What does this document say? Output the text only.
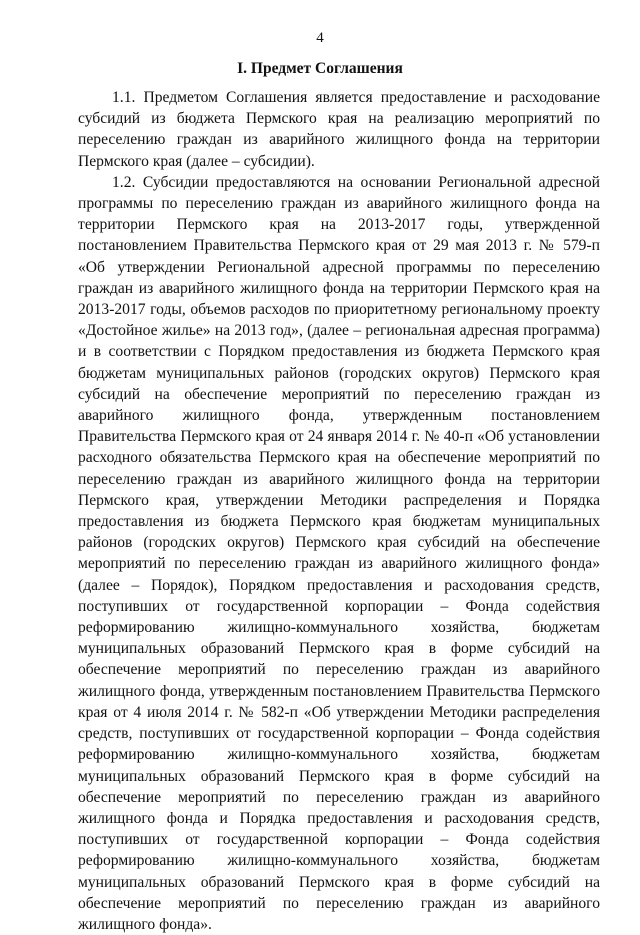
4
I. Предмет Соглашения

1.1. Предметом Соглашения является предоставление и расходование субсидий из бюджета Пермского края на реализацию мероприятий по переселению граждан из аварийного жилищного фонда на территории Пермского края (далее – субсидии).

1.2. Субсидии предоставляются на основании Региональной адресной программы по переселению граждан из аварийного жилищного фонда на территории Пермского края на 2013-2017 годы, утвержденной постановлением Правительства Пермского края от 29 мая 2013 г. № 579-п «Об утверждении Региональной адресной программы по переселению граждан из аварийного жилищного фонда на территории Пермского края на 2013-2017 годы, объемов расходов по приоритетному региональному проекту «Достойное жилье» на 2013 год», (далее – региональная адресная программа) и в соответствии с Порядком предоставления из бюджета Пермского края бюджетам муниципальных районов (городских округов) Пермского края субсидий на обеспечение мероприятий по переселению граждан из аварийного жилищного фонда, утвержденным постановлением Правительства Пермского края от 24 января 2014 г. № 40-п «Об установлении расходного обязательства Пермского края на обеспечение мероприятий по переселению граждан из аварийного жилищного фонда на территории Пермского края, утверждении Методики распределения и Порядка предоставления из бюджета Пермского края бюджетам муниципальных районов (городских округов) Пермского края субсидий на обеспечение мероприятий по переселению граждан из аварийного жилищного фонда» (далее – Порядок), Порядком предоставления и расходования средств, поступивших от государственной корпорации – Фонда содействия реформированию жилищно-коммунального хозяйства, бюджетам муниципальных образований Пермского края в форме субсидий на обеспечение мероприятий по переселению граждан из аварийного жилищного фонда, утвержденным постановлением Правительства Пермского края от 4 июля 2014 г. № 582-п «Об утверждении Методики распределения средств, поступивших от государственной корпорации – Фонда содействия реформированию жилищно-коммунального хозяйства, бюджетам муниципальных образований Пермского края в форме субсидий на обеспечение мероприятий по переселению граждан из аварийного жилищного фонда и Порядка предоставления и расходования средств, поступивших от государственной корпорации – Фонда содействия реформированию жилищно-коммунального хозяйства, бюджетам муниципальных образований Пермского края в форме субсидий на обеспечение мероприятий по переселению граждан из аварийного жилищного фонда».
